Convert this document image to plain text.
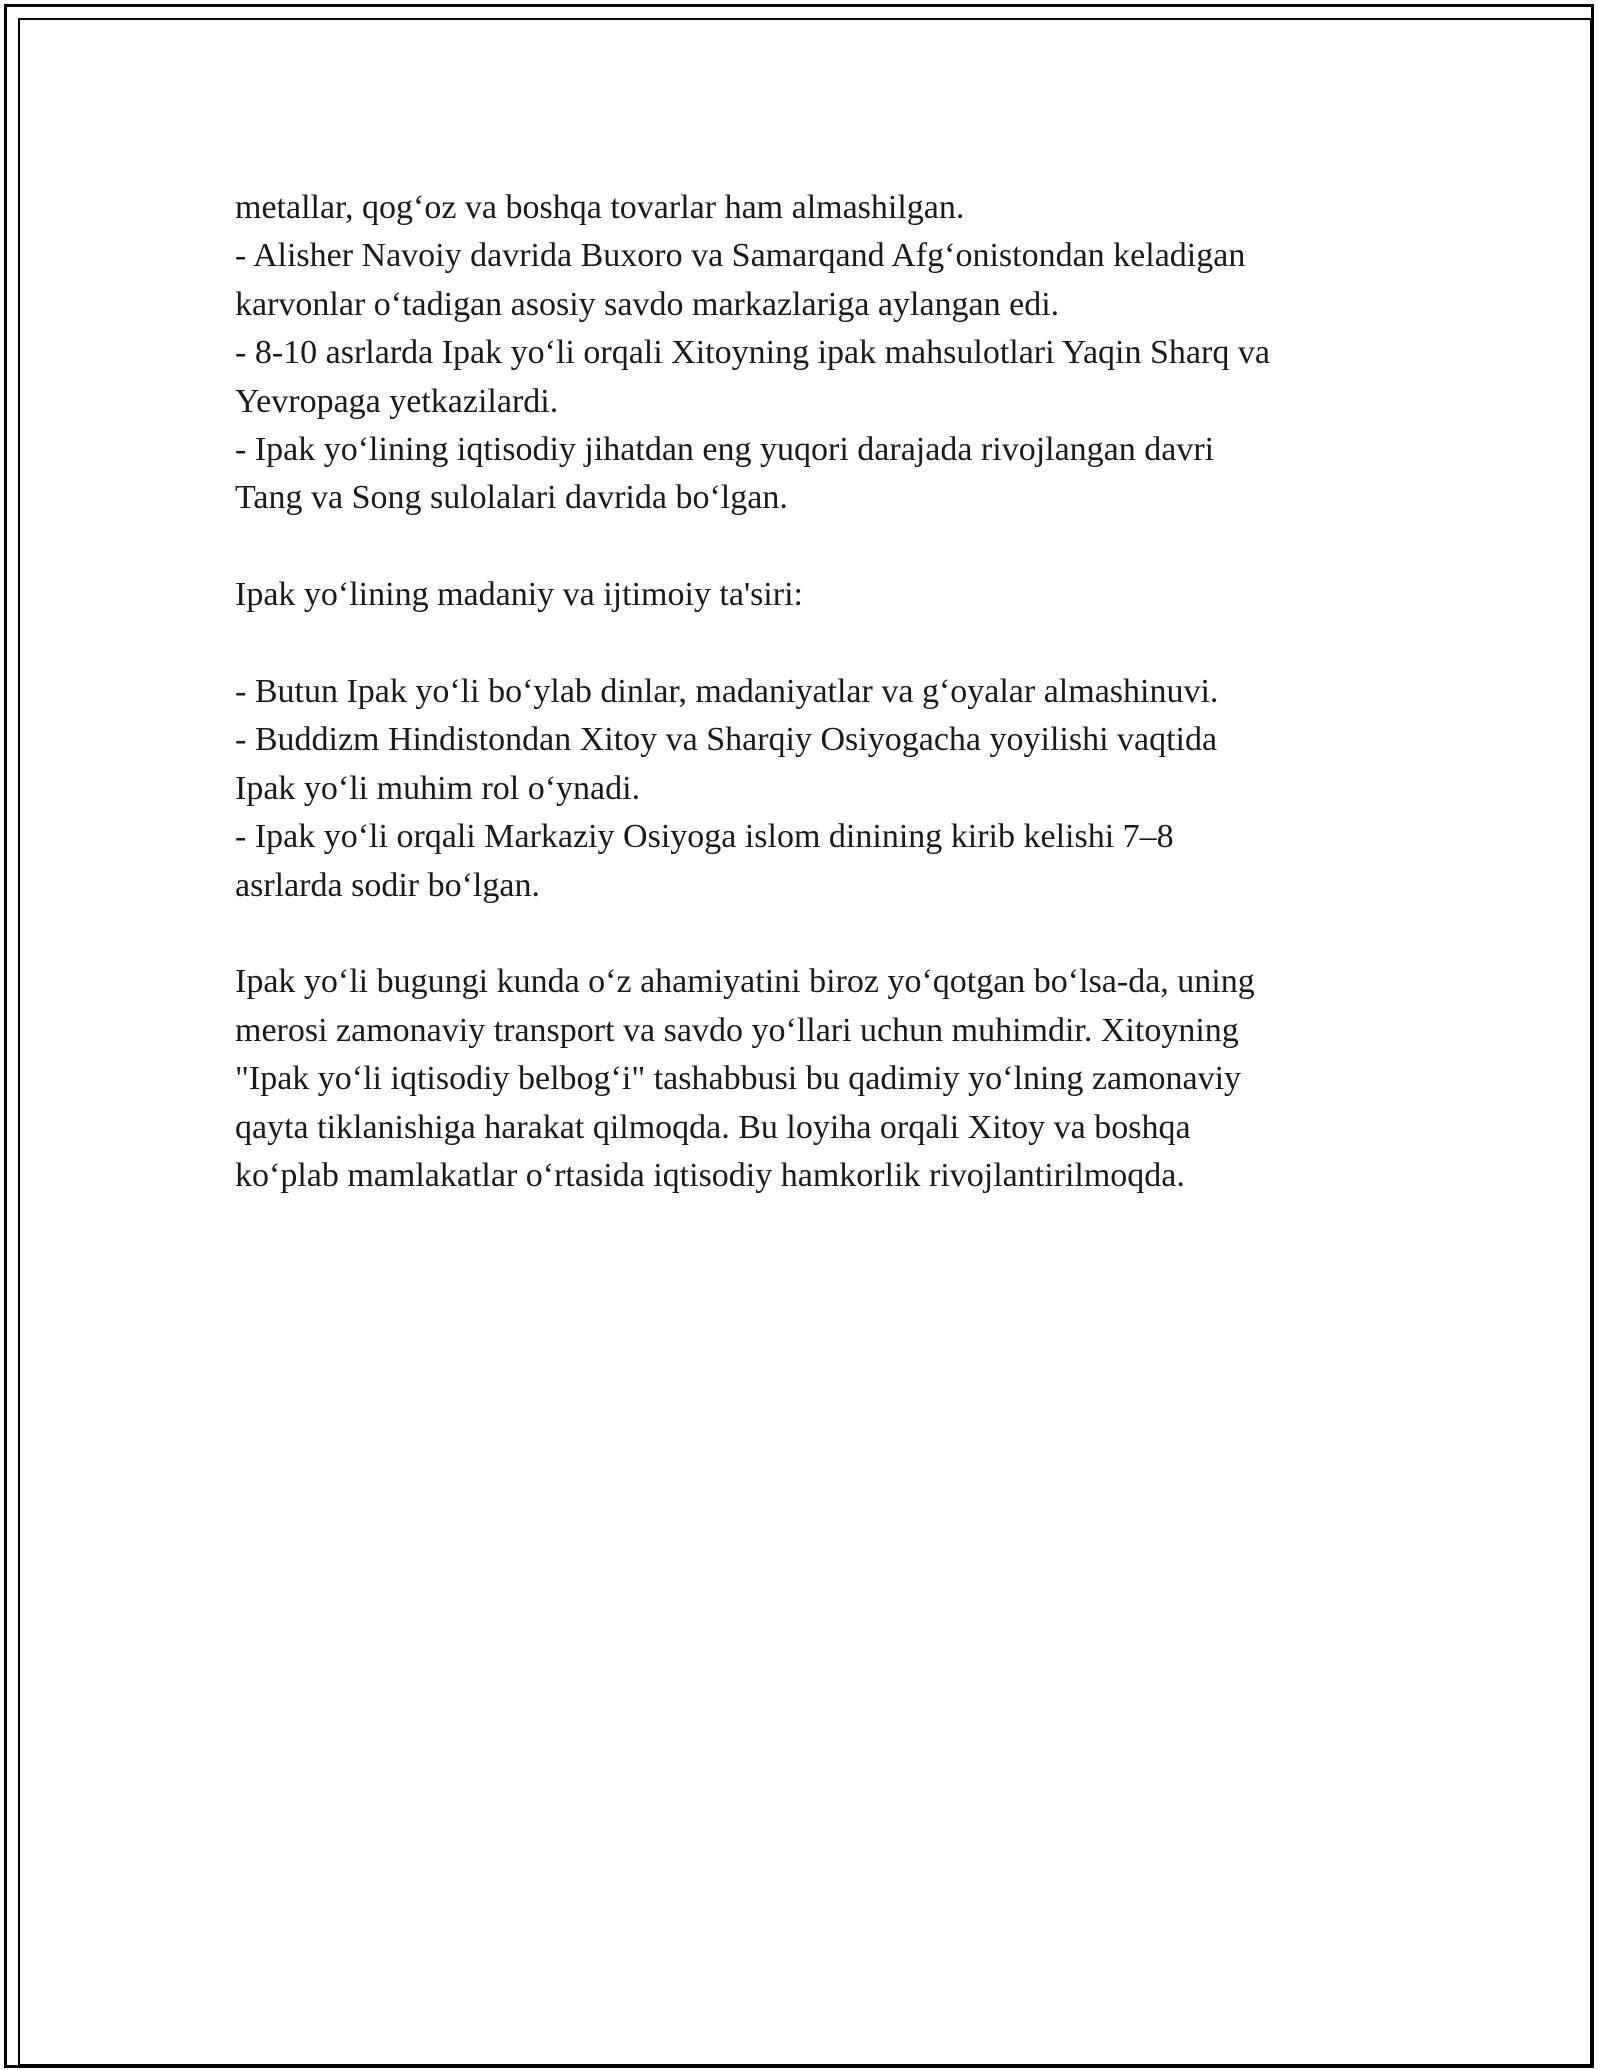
metallar, qog‘oz va boshqa tovarlar ham almashilgan.
- Alisher Navoiy davrida Buxoro va Samarqand Afg‘onistondan keladigan
karvonlar o‘tadigan asosiy savdo markazlariga aylangan edi.
- 8-10 asrlarda Ipak yo‘li orqali Xitoyning ipak mahsulotlari Yaqin Sharq va
Yevropaga yetkazilardi.
- Ipak yo‘lining iqtisodiy jihatdan eng yuqori darajada rivojlangan davri
Tang va Song sulolalari davrida bo‘lgan.
Ipak yo‘lining madaniy va ijtimoiy ta'siri:
- Butun Ipak yo‘li bo‘ylab dinlar, madaniyatlar va g‘oyalar almashinuvi.
- Buddizm Hindistondan Xitoy va Sharqiy Osiyogacha yoyilishi vaqtida
Ipak yo‘li muhim rol o‘ynadi.
- Ipak yo‘li orqali Markaziy Osiyoga islom dinining kirib kelishi 7–8
asrlarda sodir bo‘lgan.
Ipak yo‘li bugungi kunda o‘z ahamiyatini biroz yo‘qotgan bo‘lsa-da, uning
merosi zamonaviy transport va savdo yo‘llari uchun muhimdir. Xitoyning
"Ipak yo‘li iqtisodiy belbog‘i" tashabbusi bu qadimiy yo‘lning zamonaviy
qayta tiklanishiga harakat qilmoqda. Bu loyiha orqali Xitoy va boshqa
ko‘plab mamlakatlar o‘rtasida iqtisodiy hamkorlik rivojlantirilmoqda.
